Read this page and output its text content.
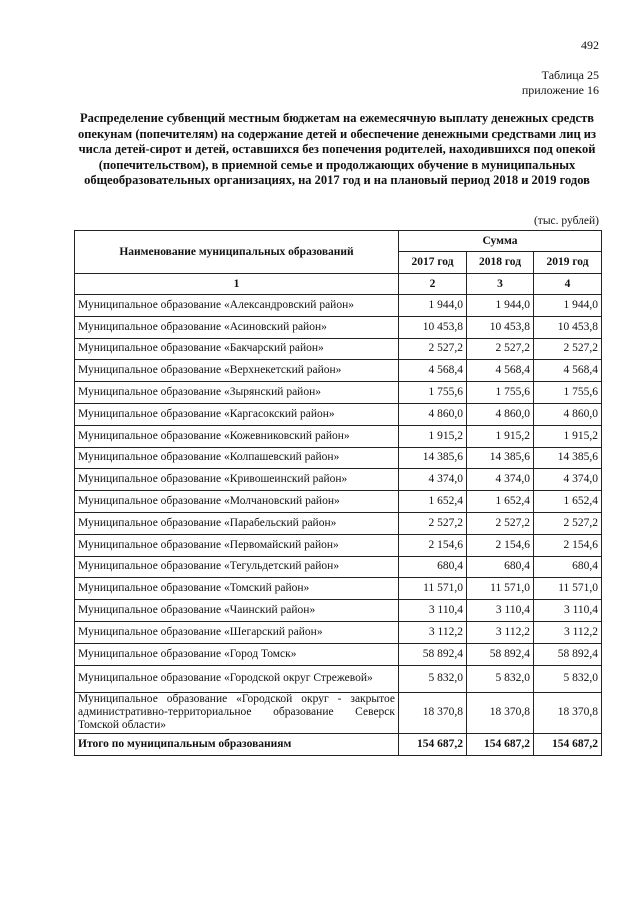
492
Таблица 25
приложение 16
Распределение субвенций местным бюджетам на ежемесячную выплату денежных средств опекунам (попечителям) на содержание детей и обеспечение денежными средствами лиц из числа детей-сирот и детей, оставшихся без попечения родителей, находившихся под опекой (попечительством), в приемной семье и продолжающих обучение в муниципальных общеобразовательных организациях, на 2017 год и на плановый период 2018 и 2019 годов
(тыс. рублей)
Наименование муниципальных образований	Сумма		
	2017 год	2018 год	2019 год
1	2	3	4
Муниципальное образование «Александровский район»	1 944,0	1 944,0	1 944,0
Муниципальное образование «Асиновский район»	10 453,8	10 453,8	10 453,8
Муниципальное образование «Бакчарский район»	2 527,2	2 527,2	2 527,2
Муниципальное образование «Верхнекетский район»	4 568,4	4 568,4	4 568,4
Муниципальное образование «Зырянский район»	1 755,6	1 755,6	1 755,6
Муниципальное образование «Каргасокский район»	4 860,0	4 860,0	4 860,0
Муниципальное образование «Кожевниковский район»	1 915,2	1 915,2	1 915,2
Муниципальное образование «Колпашевский район»	14 385,6	14 385,6	14 385,6
Муниципальное образование «Кривошеинский район»	4 374,0	4 374,0	4 374,0
Муниципальное образование «Молчановский район»	1 652,4	1 652,4	1 652,4
Муниципальное образование «Парабельский район»	2 527,2	2 527,2	2 527,2
Муниципальное образование «Первомайский район»	2 154,6	2 154,6	2 154,6
Муниципальное образование «Тегульдетский район»	680,4	680,4	680,4
Муниципальное образование «Томский район»	11 571,0	11 571,0	11 571,0
Муниципальное образование «Чаинский район»	3 110,4	3 110,4	3 110,4
Муниципальное образование «Шегарский район»	3 112,2	3 112,2	3 112,2
Муниципальное образование «Город Томск»	58 892,4	58 892,4	58 892,4
Муниципальное образование «Городской округ Стрежевой»	5 832,0	5 832,0	5 832,0
Муниципальное образование «Городской округ - закрытое административно-территориальное образование Северск Томской области»	18 370,8	18 370,8	18 370,8
Итого по муниципальным образованиям	154 687,2	154 687,2	154 687,2
